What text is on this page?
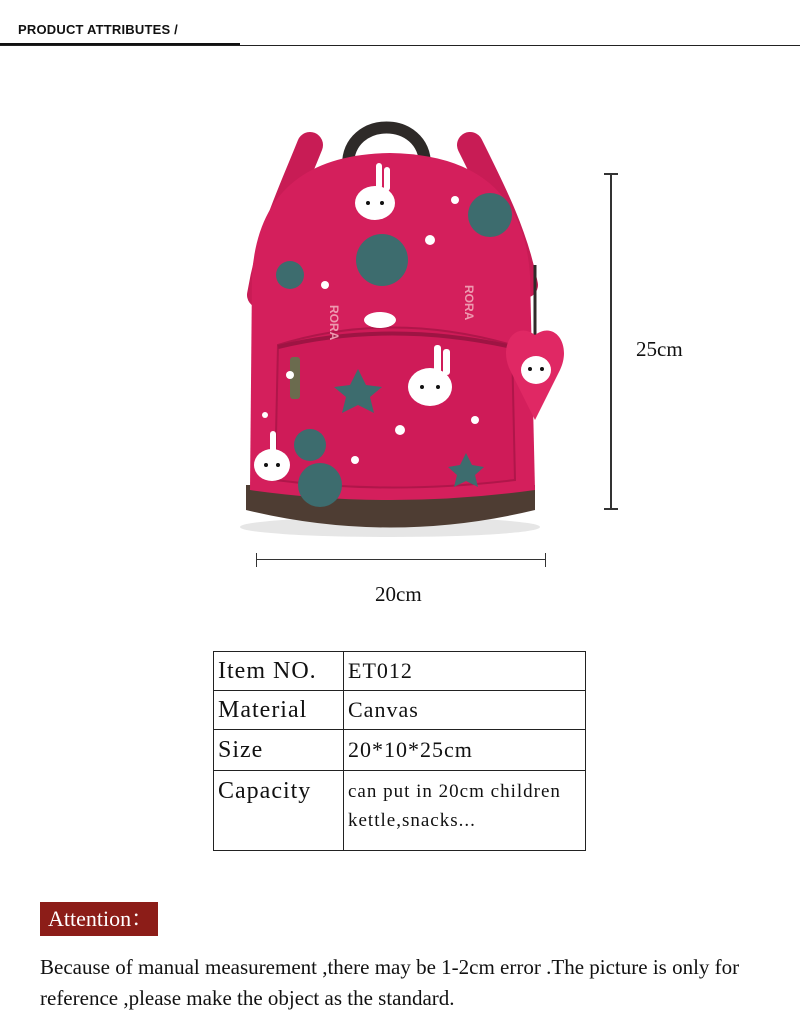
PRODUCT ATTRIBUTES /
RORA
RORA
25cm
20cm
Item NO.	ET012
Material	Canvas
Size	20*10*25cm
Capacity	can put in 20cm children
kettle,snacks...
Attention：
Because of manual measurement ,there may be 1-2cm error .The picture is only for reference ,please make the object as the standard.
